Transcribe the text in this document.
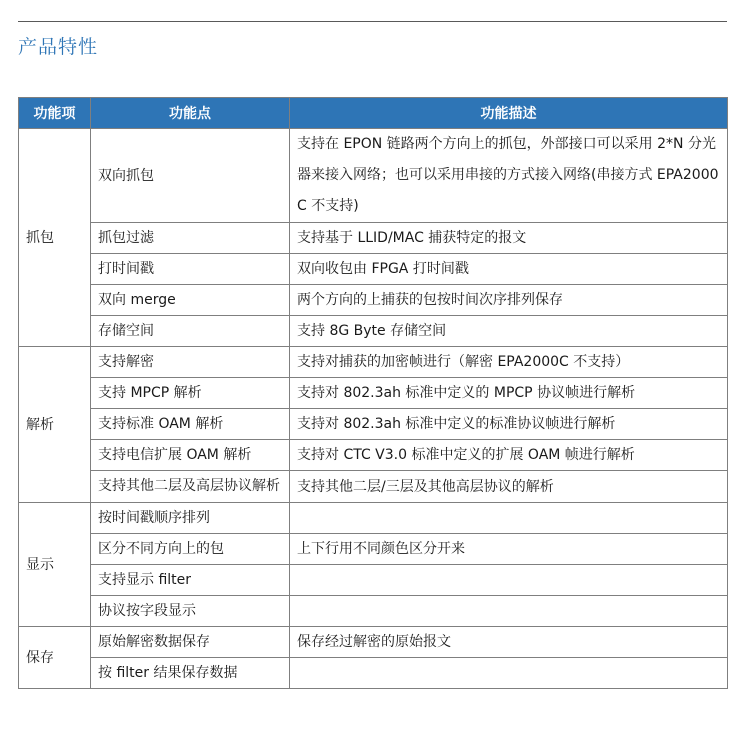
产品特性
功能项	功能点	功能描述
抓包	双向抓包	支持在 EPON 链路两个方向上的抓包，外部接口可以采用 2*N 分光器来接入网络；也可以采用串接的方式接入网络(串接方式 EPA2000C 不支持)
	抓包过滤	支持基于 LLID/MAC 捕获特定的报文
	打时间戳	双向收包由 FPGA 打时间戳
	双向 merge	两个方向的上捕获的包按时间次序排列保存
	存储空间	支持 8G Byte 存储空间
解析	支持解密	支持对捕获的加密帧进行（解密 EPA2000C 不支持）
	支持 MPCP 解析	支持对 802.3ah 标准中定义的 MPCP 协议帧进行解析
	支持标准 OAM 解析	支持对 802.3ah 标准中定义的标准协议帧进行解析
	支持电信扩展 OAM 解析	支持对 CTC V3.0 标准中定义的扩展 OAM 帧进行解析
	支持其他二层及高层协议解析	支持其他二层/三层及其他高层协议的解析
显示	按时间戳顺序排列	
	区分不同方向上的包	上下行用不同颜色区分开来
	支持显示 filter	
	协议按字段显示	
保存	原始解密数据保存	保存经过解密的原始报文
	按 filter 结果保存数据	
